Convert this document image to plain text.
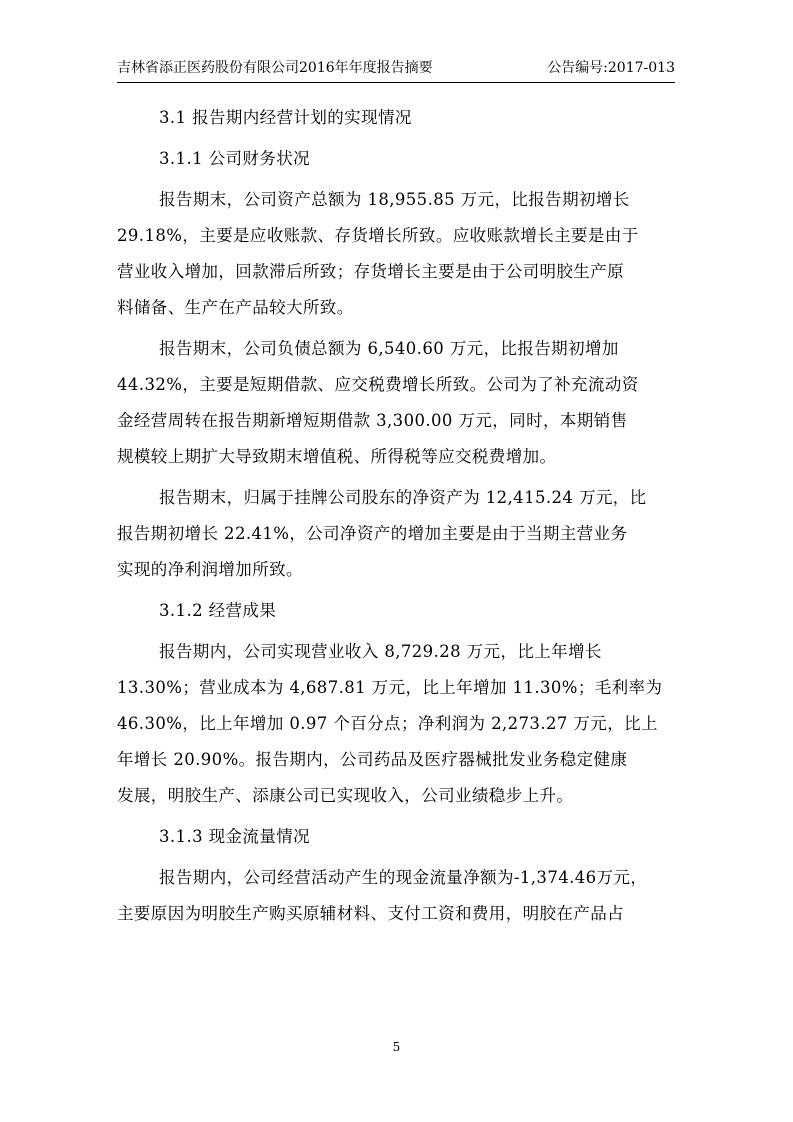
吉林省添正医药股份有限公司2016年年度报告摘要	公告编号:2017-013
3.1 报告期内经营计划的实现情况
3.1.1 公司财务状况
报告期末，公司资产总额为 18,955.85 万元，比报告期初增长
29.18%，主要是应收账款、存货增长所致。应收账款增长主要是由于
营业收入增加，回款滞后所致；存货增长主要是由于公司明胶生产原
料储备、生产在产品较大所致。
报告期末，公司负债总额为 6,540.60 万元，比报告期初增加
44.32%，主要是短期借款、应交税费增长所致。公司为了补充流动资
金经营周转在报告期新增短期借款 3,300.00 万元，同时，本期销售
规模较上期扩大导致期末增值税、所得税等应交税费增加。
报告期末，归属于挂牌公司股东的净资产为 12,415.24 万元，比
报告期初增长 22.41%，公司净资产的增加主要是由于当期主营业务
实现的净利润增加所致。
3.1.2 经营成果
报告期内，公司实现营业收入 8,729.28 万元，比上年增长
13.30%；营业成本为 4,687.81 万元，比上年增加 11.30%；毛利率为
46.30%，比上年增加 0.97 个百分点；净利润为 2,273.27 万元，比上
年增长 20.90%。报告期内，公司药品及医疗器械批发业务稳定健康
发展，明胶生产、添康公司已实现收入，公司业绩稳步上升。
3.1.3 现金流量情况
报告期内，公司经营活动产生的现金流量净额为-1,374.46万元，
主要原因为明胶生产购买原辅材料、支付工资和费用，明胶在产品占
5
